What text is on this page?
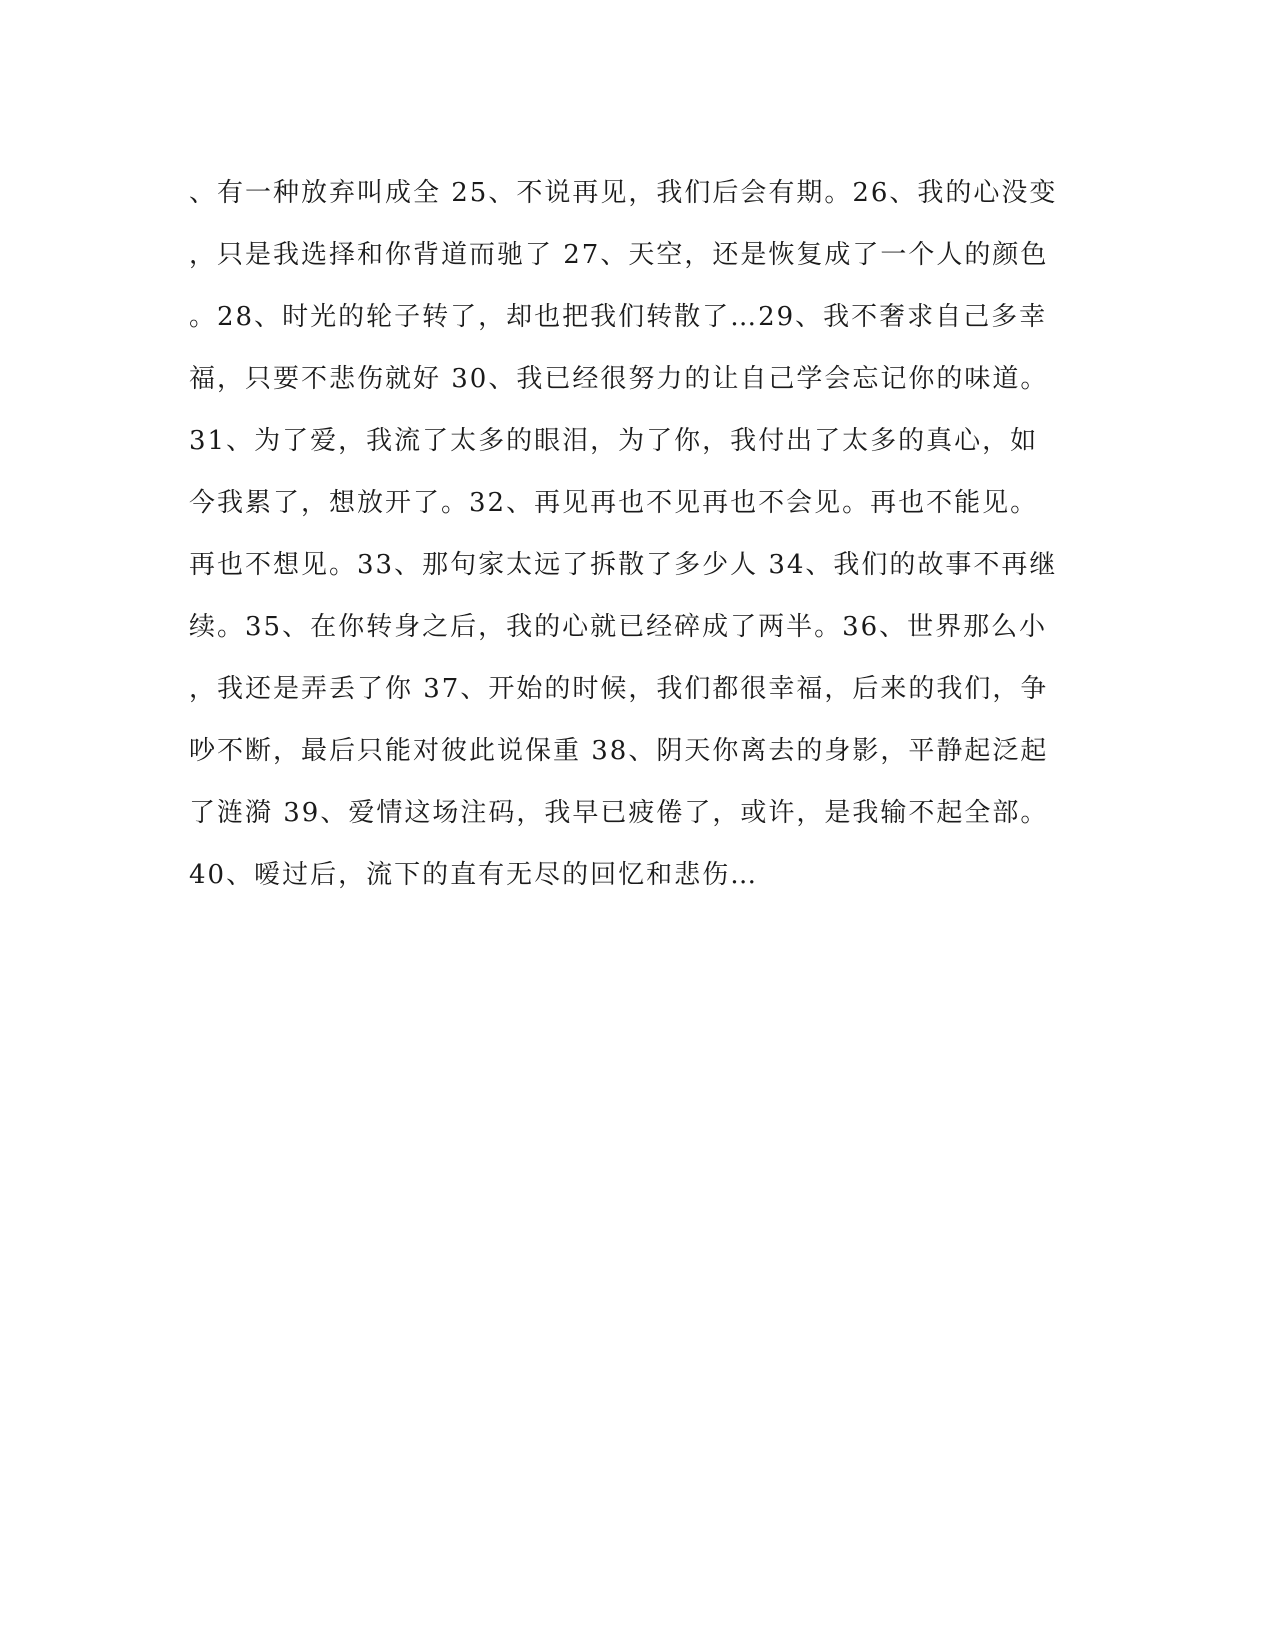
、有一种放弃叫成全 25、不说再见，我们后会有期。26、我的心没变
，只是我选择和你背道而驰了 27、天空，还是恢复成了一个人的颜色
。28、时光的轮子转了，却也把我们转散了…29、我不奢求自己多幸
福，只要不悲伤就好 30、我已经很努力的让自己学会忘记你的味道。
31、为了爱，我流了太多的眼泪，为了你，我付出了太多的真心，如
今我累了，想放开了。32、再见再也不见再也不会见。再也不能见。
再也不想见。33、那句家太远了拆散了多少人 34、我们的故事不再继
续。35、在你转身之后，我的心就已经碎成了两半。36、世界那么小
，我还是弄丢了你 37、开始的时候，我们都很幸福，后来的我们，争
吵不断，最后只能对彼此说保重 38、阴天你离去的身影，平静起泛起
了涟漪 39、爱情这场注码，我早已疲倦了，或许，是我输不起全部。
40、嗳过后，流下的直有无尽的回忆和悲伤…
